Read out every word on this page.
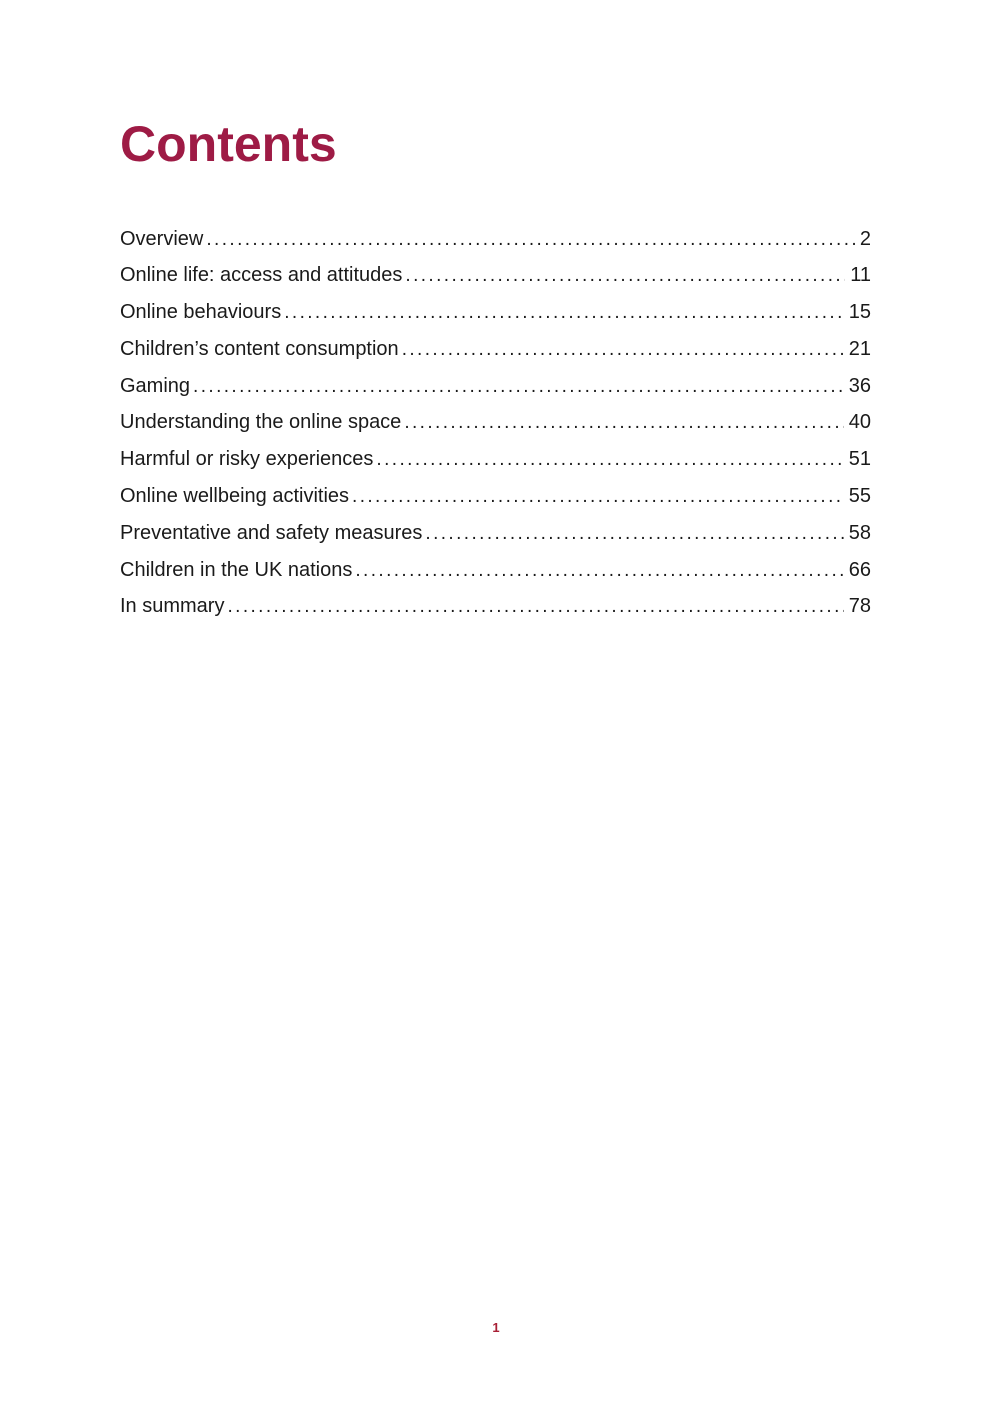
Contents
Overview .....	2
Online life: access and attitudes .....	11
Online behaviours .....	15
Children’s content consumption .....	21
Gaming .....	36
Understanding the online space .....	40
Harmful or risky experiences .....	51
Online wellbeing activities .....	55
Preventative and safety measures .....	58
Children in the UK nations .....	66
In summary .....	78
1
